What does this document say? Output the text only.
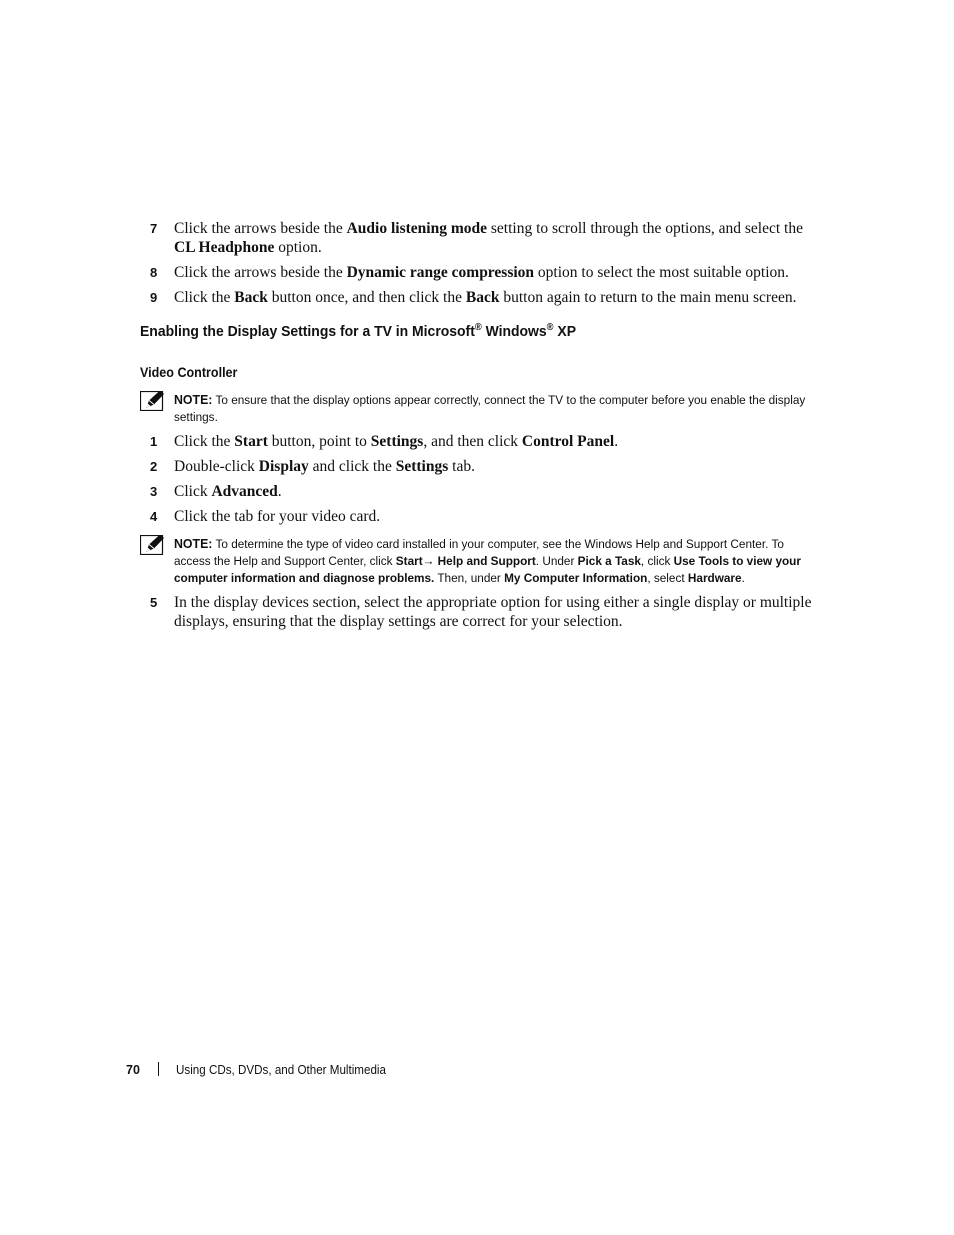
7	Click the arrows beside the Audio listening mode setting to scroll through the options, and select the CL Headphone option.
8	Click the arrows beside the Dynamic range compression option to select the most suitable option.
9	Click the Back button once, and then click the Back button again to return to the main menu screen.
Enabling the Display Settings for a TV in Microsoft® Windows® XP
Video Controller
NOTE: To ensure that the display options appear correctly, connect the TV to the computer before you enable the display settings.
1	Click the Start button, point to Settings, and then click Control Panel.
2	Double-click Display and click the Settings tab.
3	Click Advanced.
4	Click the tab for your video card.
NOTE: To determine the type of video card installed in your computer, see the Windows Help and Support Center. To access the Help and Support Center, click Start→ Help and Support. Under Pick a Task, click Use Tools to view your computer information and diagnose problems. Then, under My Computer Information, select Hardware.
5	In the display devices section, select the appropriate option for using either a single display or multiple displays, ensuring that the display settings are correct for your selection.
70	Using CDs, DVDs, and Other Multimedia
